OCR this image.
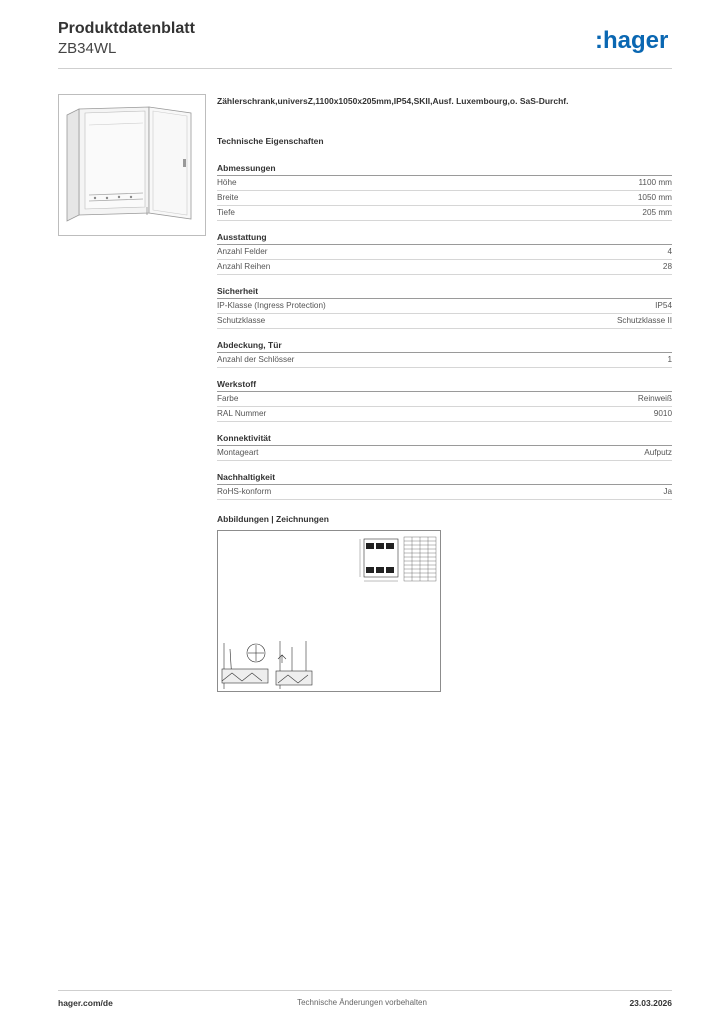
Produktdatenblatt
ZB34WL	:hager
Zählerschrank,universZ,1100x1050x205mm,IP54,SKII,Ausf. Luxembourg,o. SaS-Durchf.
Technische Eigenschaften
Abmessungen
Höhe	1100 mm
Breite	1050 mm
Tiefe	205 mm
Ausstattung
Anzahl Felder	4
Anzahl Reihen	28
Sicherheit
IP-Klasse (Ingress Protection)	IP54
Schutzklasse	Schutzklasse II
Abdeckung, Tür
Anzahl der Schlösser	1
Werkstoff
Farbe	Reinweiß
RAL Nummer	9010
Konnektivität
Montageart	Aufputz
Nachhaltigkeit
RoHS-konform	Ja
Abbildungen | Zeichnungen
hager.com/de	Technische Änderungen vorbehalten	23.03.2026
